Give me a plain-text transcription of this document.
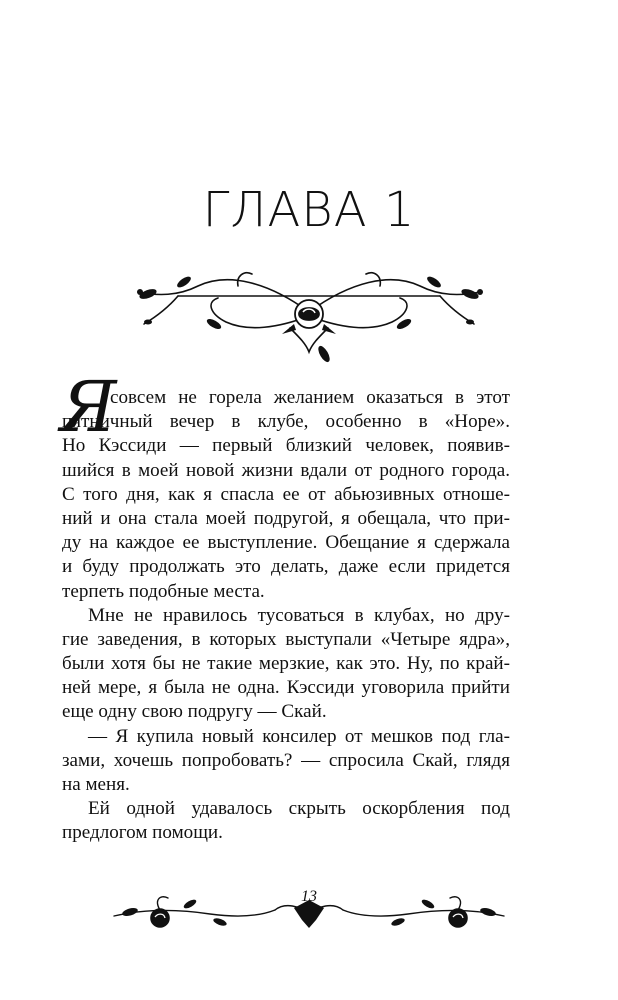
ГЛАВА 1
Я
совсем не горела желанием оказаться в этот
пятничный вечер в клубе, особенно в «Норе».
Но Кэссиди — первый близкий человек, появив-
шийся в моей новой жизни вдали от родного города.
С того дня, как я спасла ее от абьюзивных отноше-
ний и она стала моей подругой, я обещала, что при-
ду на каждое ее выступление. Обещание я сдержала
и буду продолжать это делать, даже если придется
терпеть подобные места.
Мне не нравилось тусоваться в клубах, но дру-
гие заведения, в которых выступали «Четыре ядра»,
были хотя бы не такие мерзкие, как это. Ну, по край-
ней мере, я была не одна. Кэссиди уговорила прийти
еще одну свою подругу — Скай.
— Я купила новый консилер от мешков под гла-
зами, хочешь попробовать? — спросила Скай, глядя
на меня.
Ей одной удавалось скрыть оскорбления под
предлогом помощи.
13
